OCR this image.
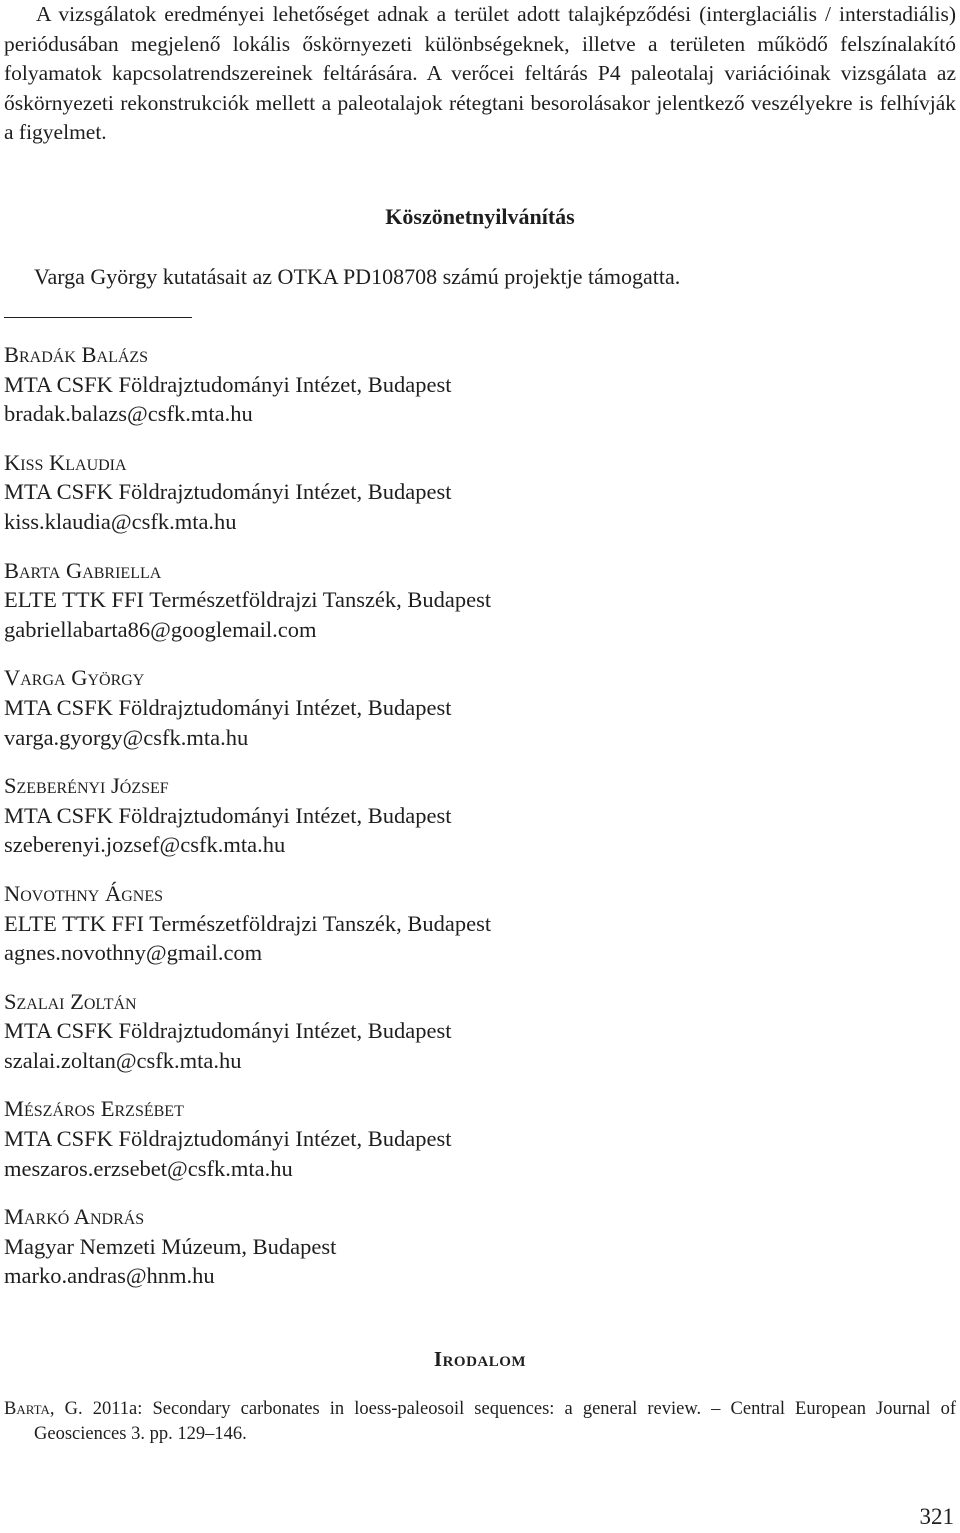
A vizsgálatok eredményei lehetőséget adnak a terület adott talajképződési (interglaciális / interstadiális) periódusában megjelenő lokális őskörnyezeti különbségeknek, illetve a területen működő felszínalakító folyamatok kapcsolatrendszereinek feltárására. A verőcei feltárás P4 paleotalaj variációinak vizsgálata az őskörnyezeti rekonstrukciók mellett a paleotalajok rétegtani besorolásakor jelentkező veszélyekre is felhívják a figyelmet.

Köszönetnyilvánítás

Varga György kutatásait az OTKA PD108708 számú projektje támogatta.

Bradák Balázs
MTA CSFK Földrajztudományi Intézet, Budapest
bradak.balazs@csfk.mta.hu
Kiss Klaudia
MTA CSFK Földrajztudományi Intézet, Budapest
kiss.klaudia@csfk.mta.hu
Barta Gabriella
ELTE TTK FFI Természetföldrajzi Tanszék, Budapest
gabriellabarta86@googlemail.com
Varga György
MTA CSFK Földrajztudományi Intézet, Budapest
varga.gyorgy@csfk.mta.hu
Szeberényi József
MTA CSFK Földrajztudományi Intézet, Budapest
szeberenyi.jozsef@csfk.mta.hu
Novothny Ágnes
ELTE TTK FFI Természetföldrajzi Tanszék, Budapest
agnes.novothny@gmail.com
Szalai Zoltán
MTA CSFK Földrajztudományi Intézet, Budapest
szalai.zoltan@csfk.mta.hu
Mészáros Erzsébet
MTA CSFK Földrajztudományi Intézet, Budapest
meszaros.erzsebet@csfk.mta.hu
Markó András
Magyar Nemzeti Múzeum, Budapest
marko.andras@hnm.hu
Irodalom

Barta, G. 2011a: Secondary carbonates in loess-paleosoil sequences: a general review. – Central European Journal of Geosciences 3. pp. 129–146.

321
